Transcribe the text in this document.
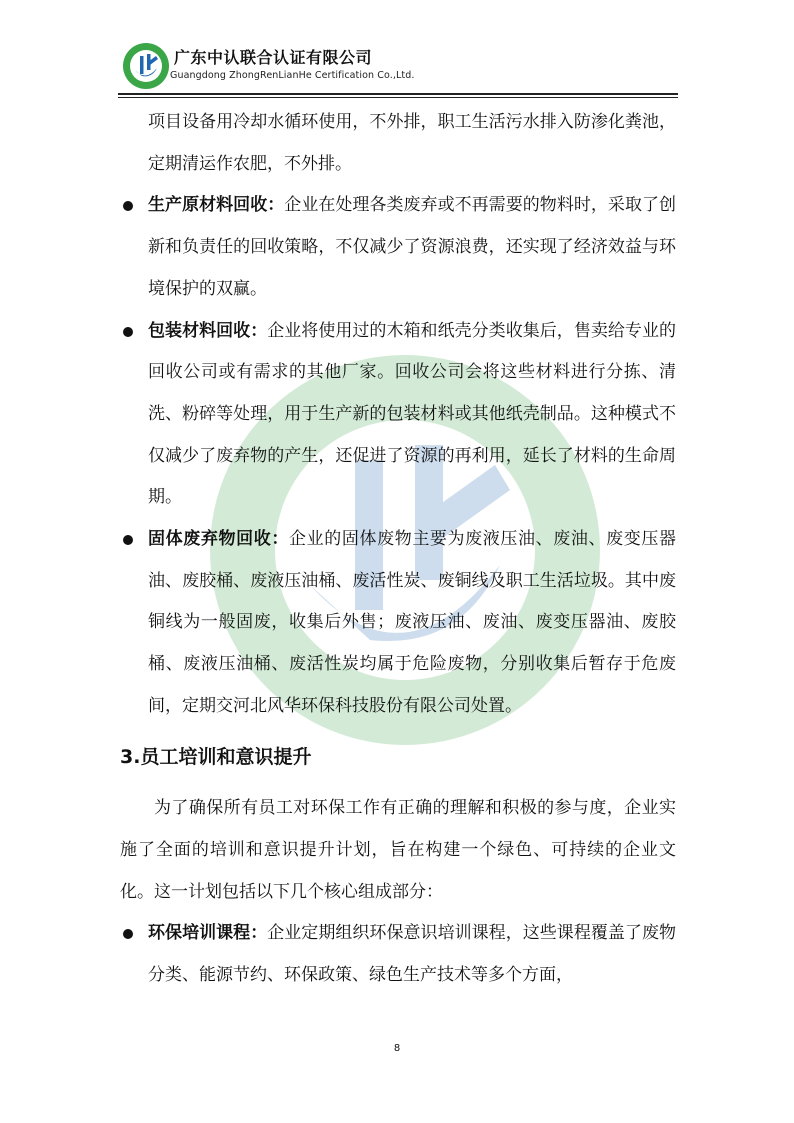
广东中认联合认证有限公司
Guangdong ZhongRenLianHe Certification Co.,Ltd.

项目设备用冷却水循环使用，不外排，职工生活污水排入防渗化粪池，定期清运作农肥，不外排。

生产原材料回收：企业在处理各类废弃或不再需要的物料时，采取了创新和负责任的回收策略，不仅减少了资源浪费，还实现了经济效益与环境保护的双赢。

包装材料回收：企业将使用过的木箱和纸壳分类收集后，售卖给专业的回收公司或有需求的其他厂家。回收公司会将这些材料进行分拣、清洗、粉碎等处理，用于生产新的包装材料或其他纸壳制品。这种模式不仅减少了废弃物的产生，还促进了资源的再利用，延长了材料的生命周期。

固体废弃物回收：企业的固体废物主要为废液压油、废油、废变压器油、废胶桶、废液压油桶、废活性炭、废铜线及职工生活垃圾。其中废铜线为一般固废，收集后外售；废液压油、废油、废变压器油、废胶桶、废液压油桶、废活性炭均属于危险废物，分别收集后暂存于危废间，定期交河北风华环保科技股份有限公司处置。

3.员工培训和意识提升

为了确保所有员工对环保工作有正确的理解和积极的参与度，企业实施了全面的培训和意识提升计划，旨在构建一个绿色、可持续的企业文化。这一计划包括以下几个核心组成部分：

环保培训课程：企业定期组织环保意识培训课程，这些课程覆盖了废物分类、能源节约、环保政策、绿色生产技术等多个方面，

8
